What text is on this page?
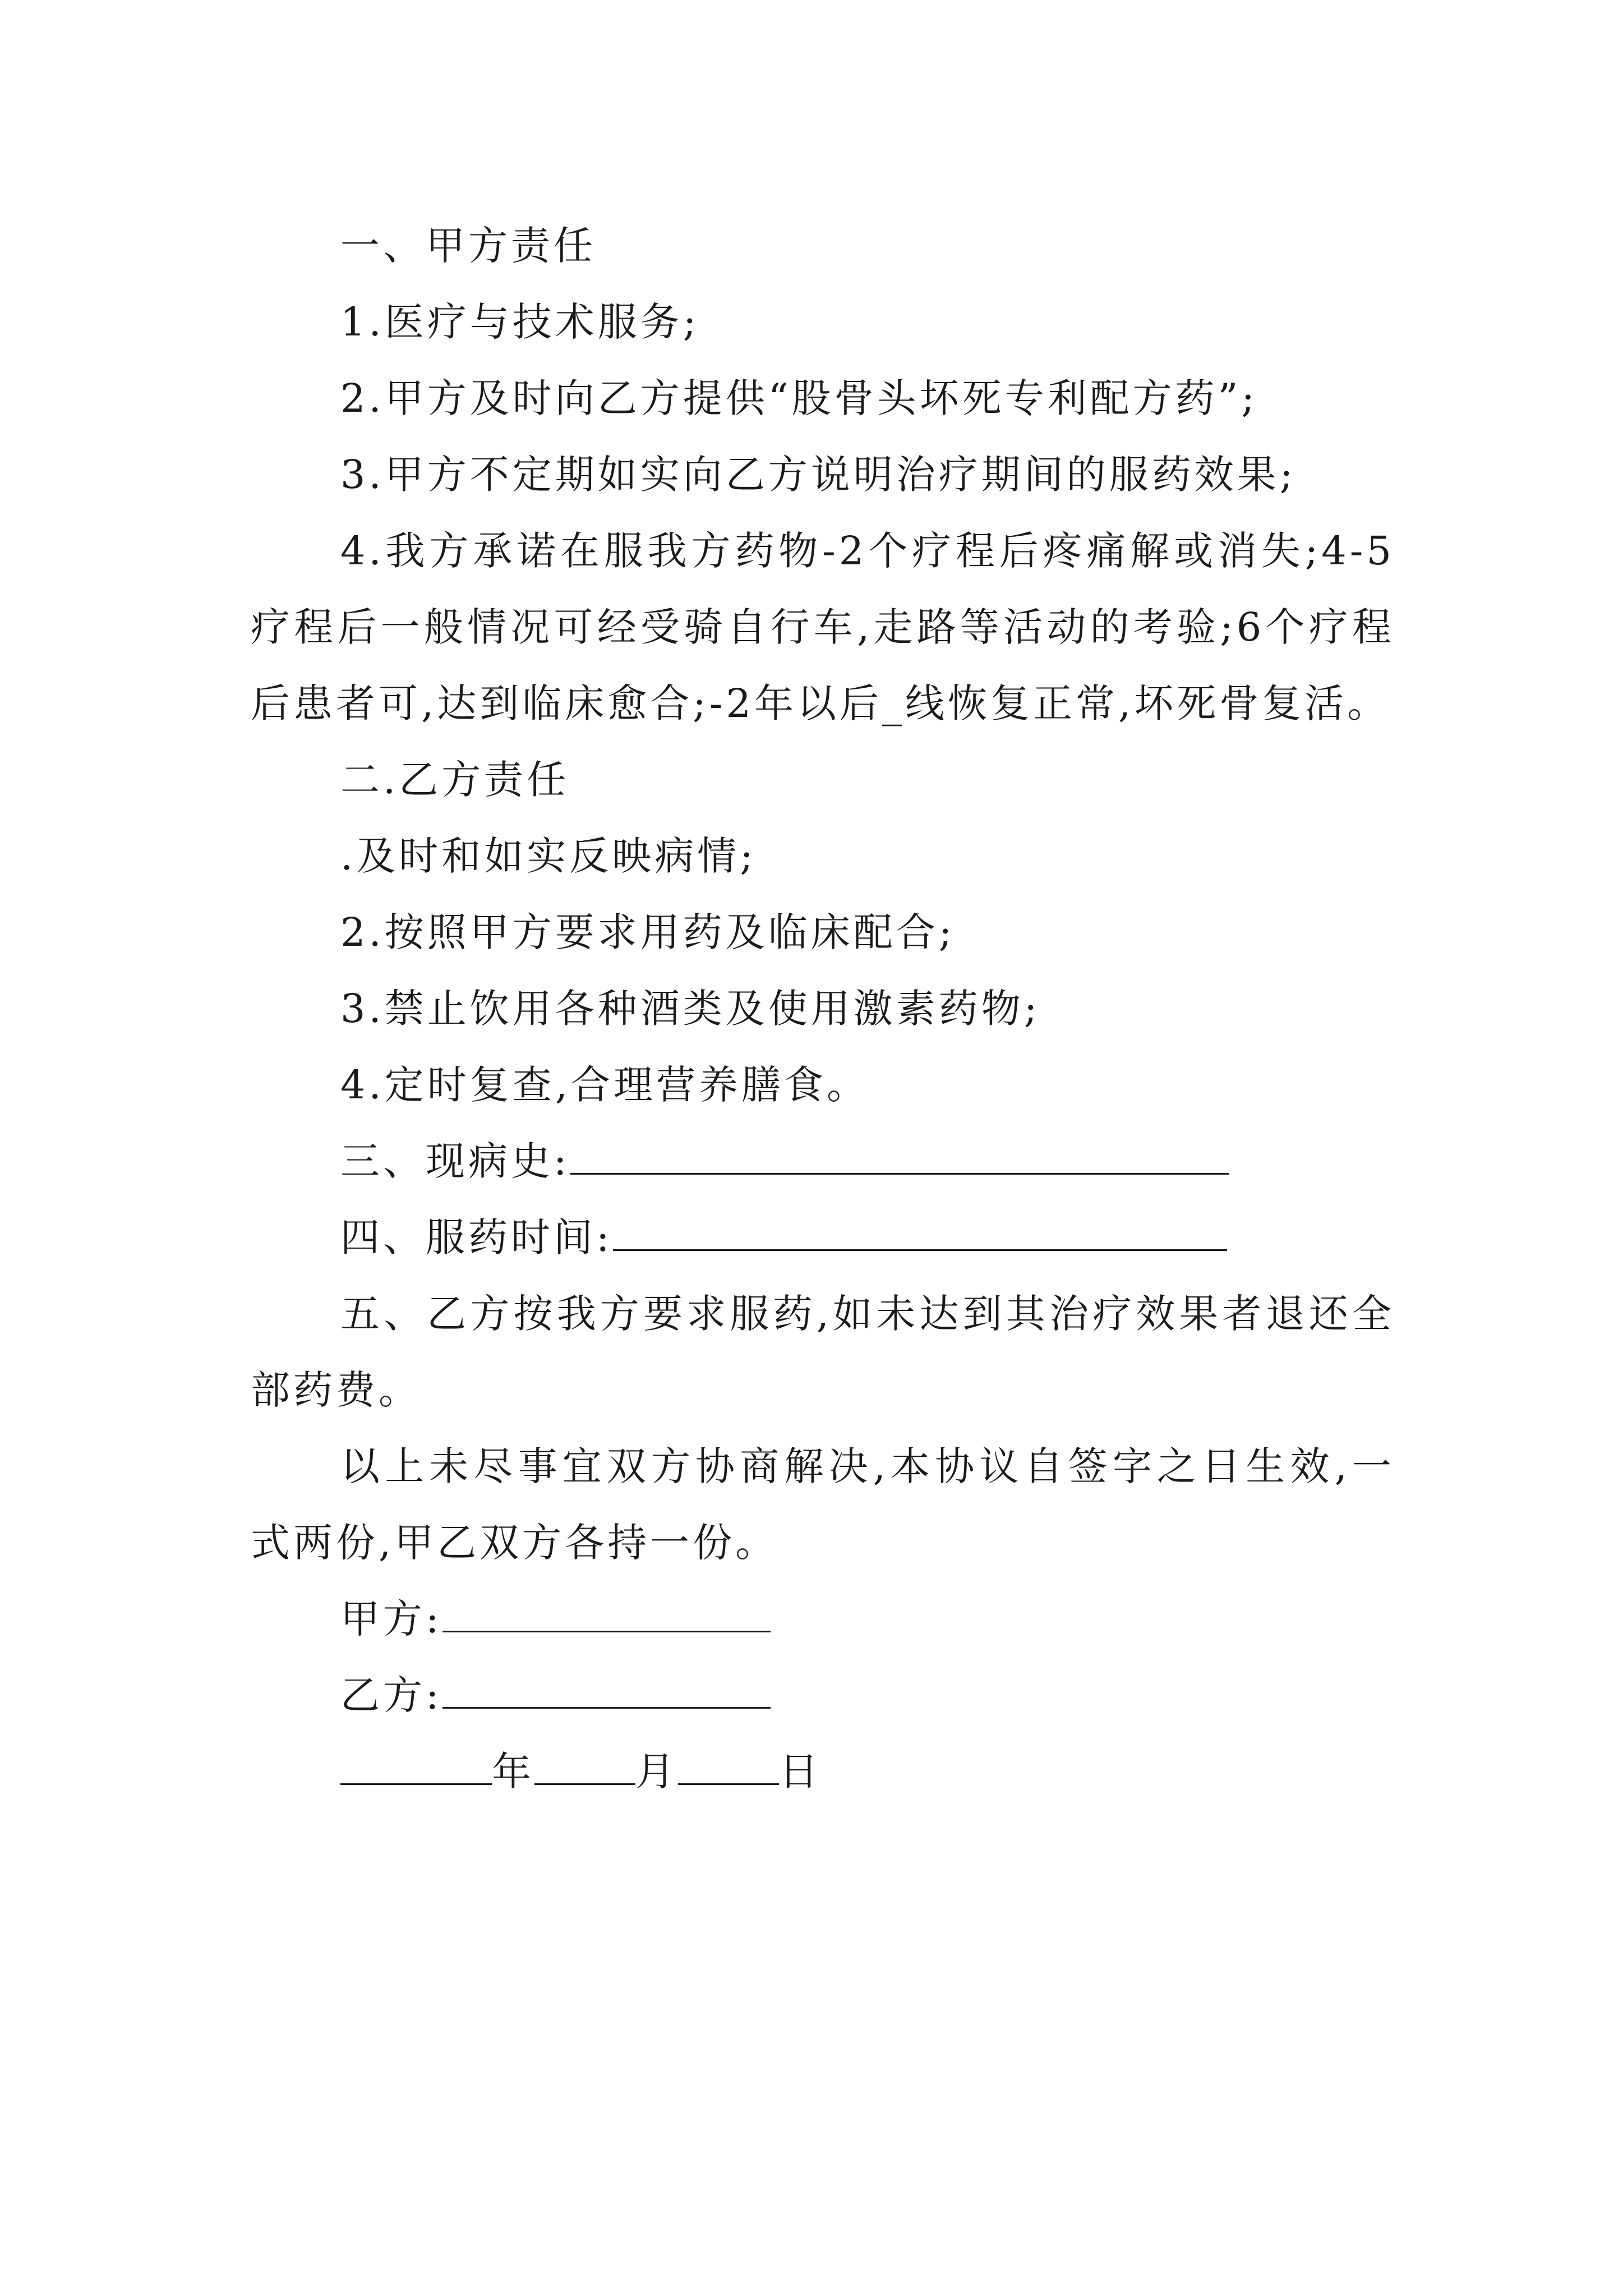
一、甲方责任

1.医疗与技术服务;

2.甲方及时向乙方提供“股骨头坏死专利配方药”;

3.甲方不定期如实向乙方说明治疗期间的服药效果;

4.我方承诺在服我方药物-2个疗程后疼痛解或消失;4-5疗程后一般情况可经受骑自行车,走路等活动的考验;6个疗程后患者可,达到临床愈合;-2年以后_线恢复正常,坏死骨复活。

二.乙方责任

.及时和如实反映病情;

2.按照甲方要求用药及临床配合;

3.禁止饮用各种酒类及使用激素药物;

4.定时复查,合理营养膳食。

三、现病史:

四、服药时间:

五、乙方按我方要求服药,如未达到其治疗效果者退还全部药费。

以上未尽事宜双方协商解决,本协议自签字之日生效,一式两份,甲乙双方各持一份。

甲方:

乙方:

年	月	日
